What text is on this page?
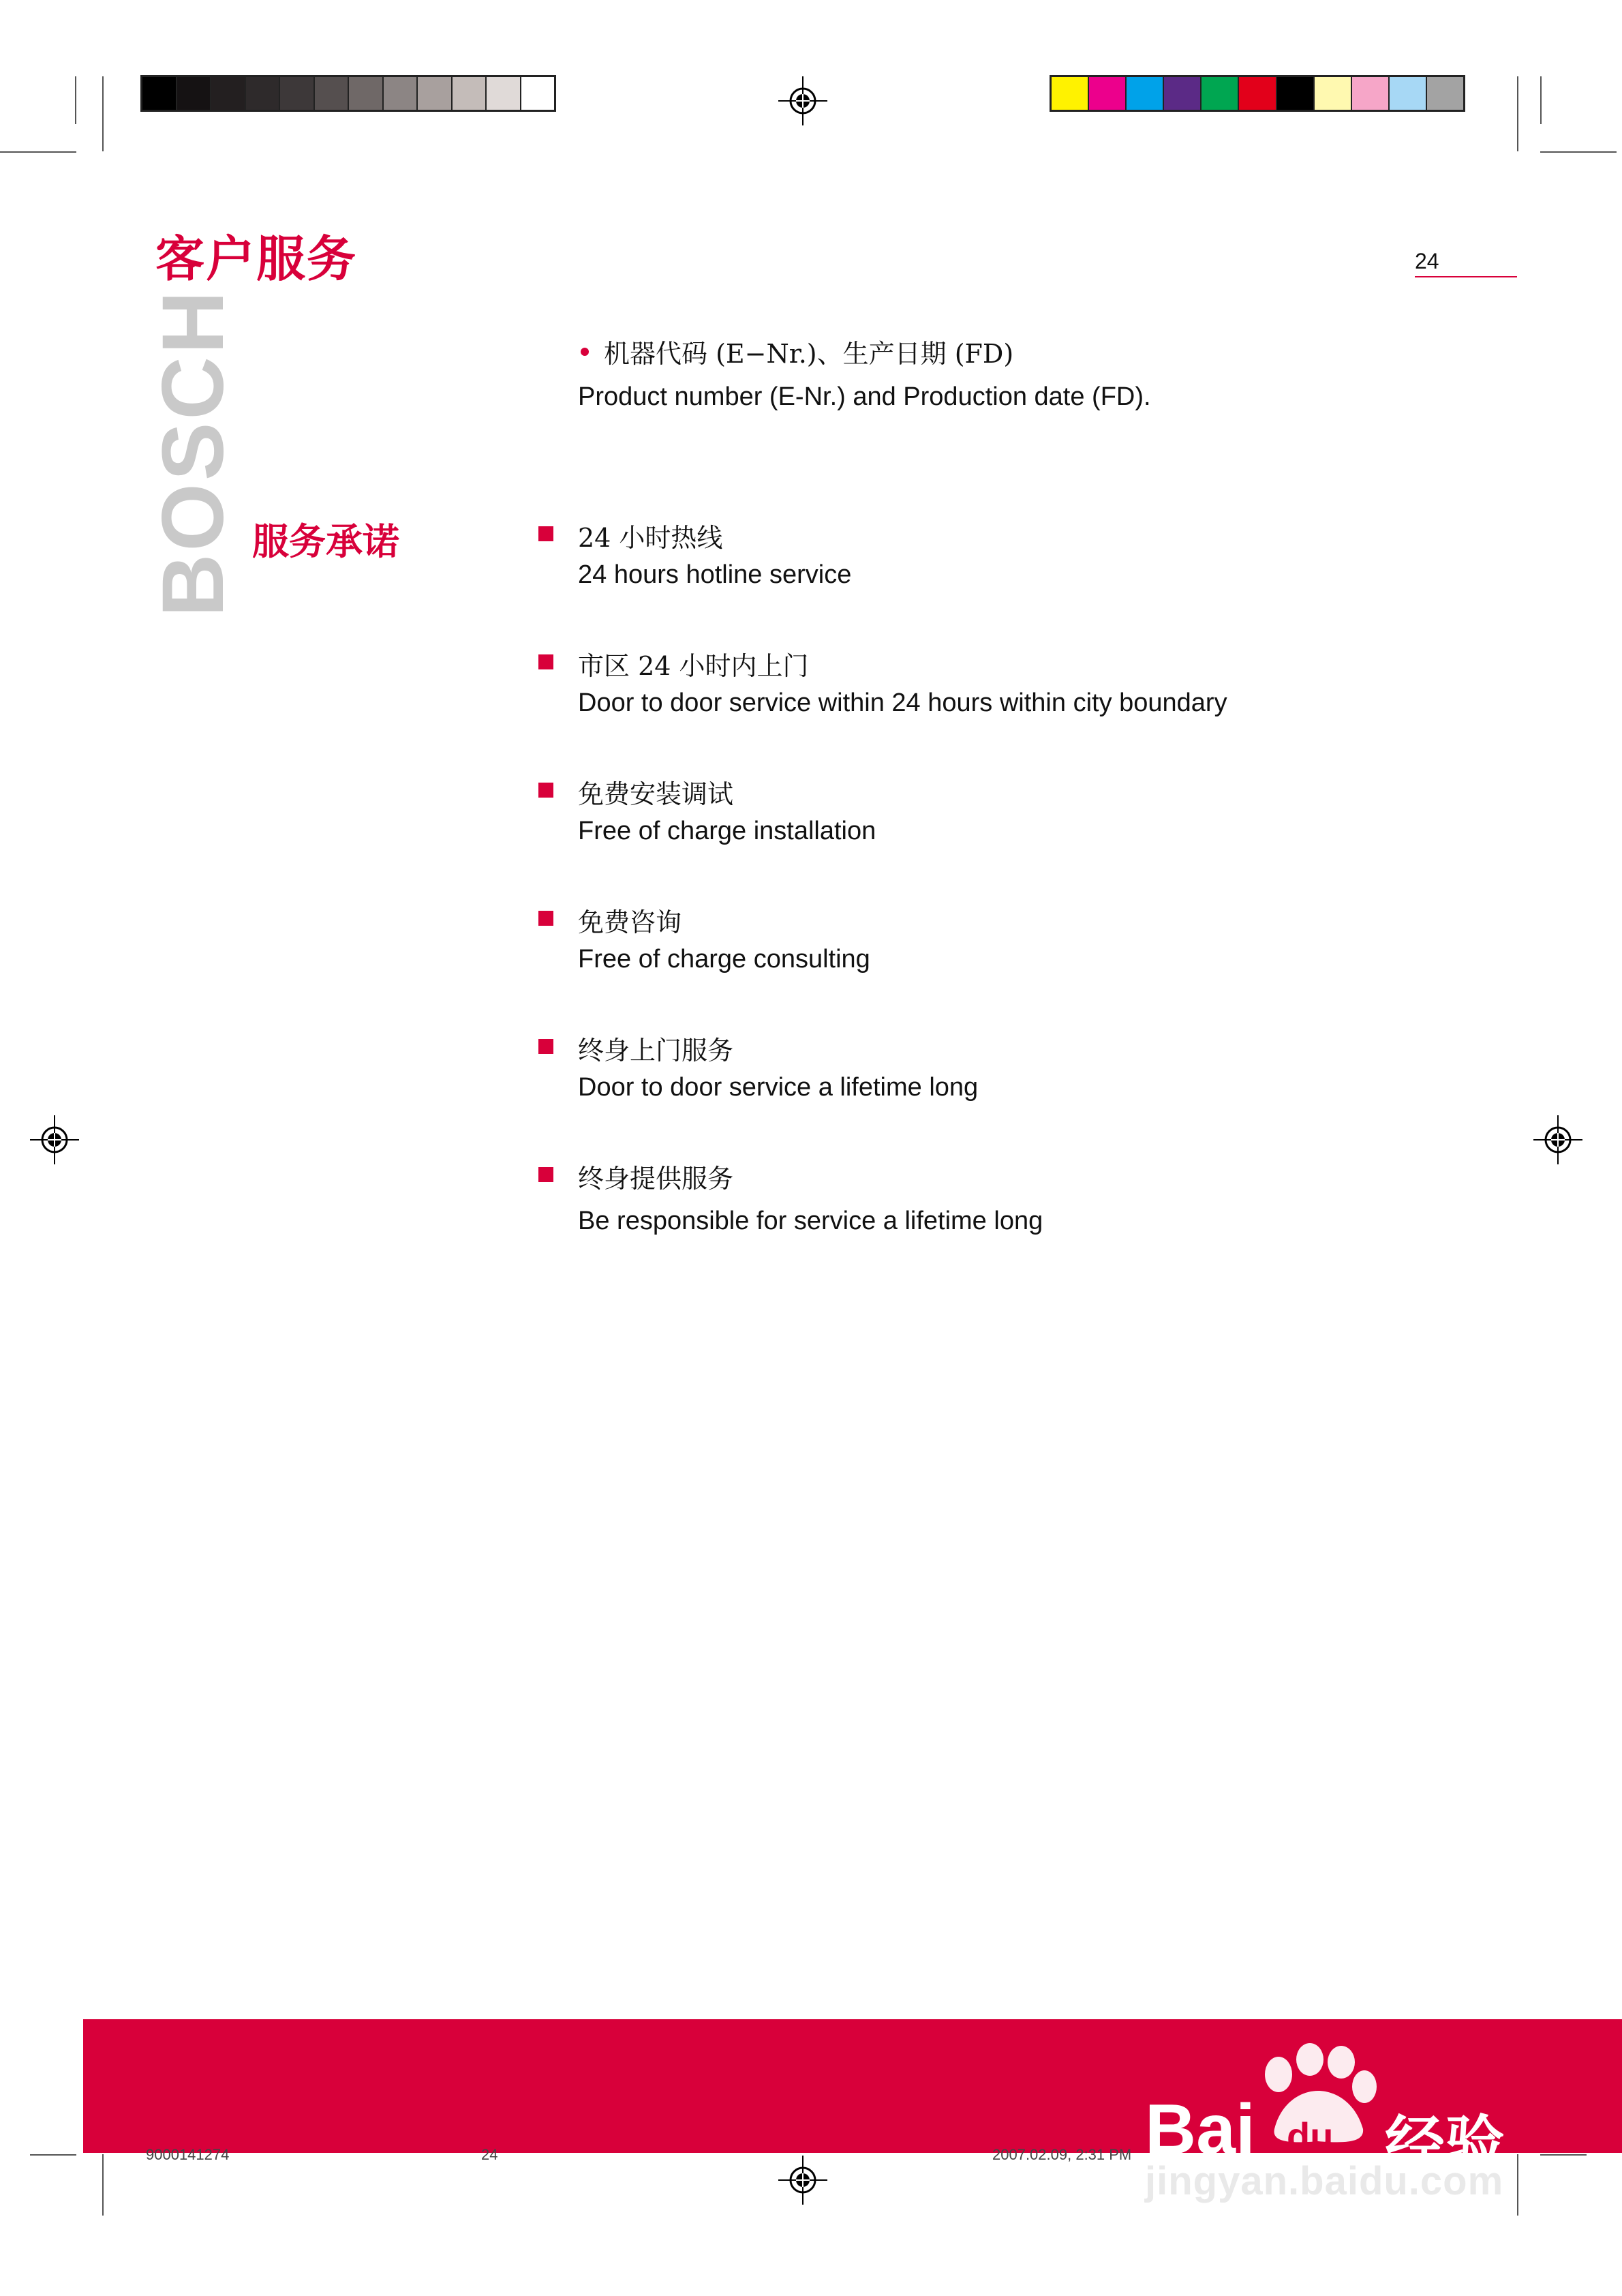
客户服务	24
BOSCH	机器代码 (E−Nr.)、生产日期 (FD)
Product number (E-Nr.) and Production date (FD).
服务承诺	24 小时热线
24 hours hotline service
市区 24 小时内上门
Door to door service within 24 hours within city boundary
免费安装调试
Free of charge installation
免费咨询
Free of charge consulting
终身上门服务
Door to door service a lifetime long
终身提供服务
Be responsible for service a lifetime long
9000141274	24	2007.02.09, 2:31 PM Bai du 经验
jingyan.baidu.com
